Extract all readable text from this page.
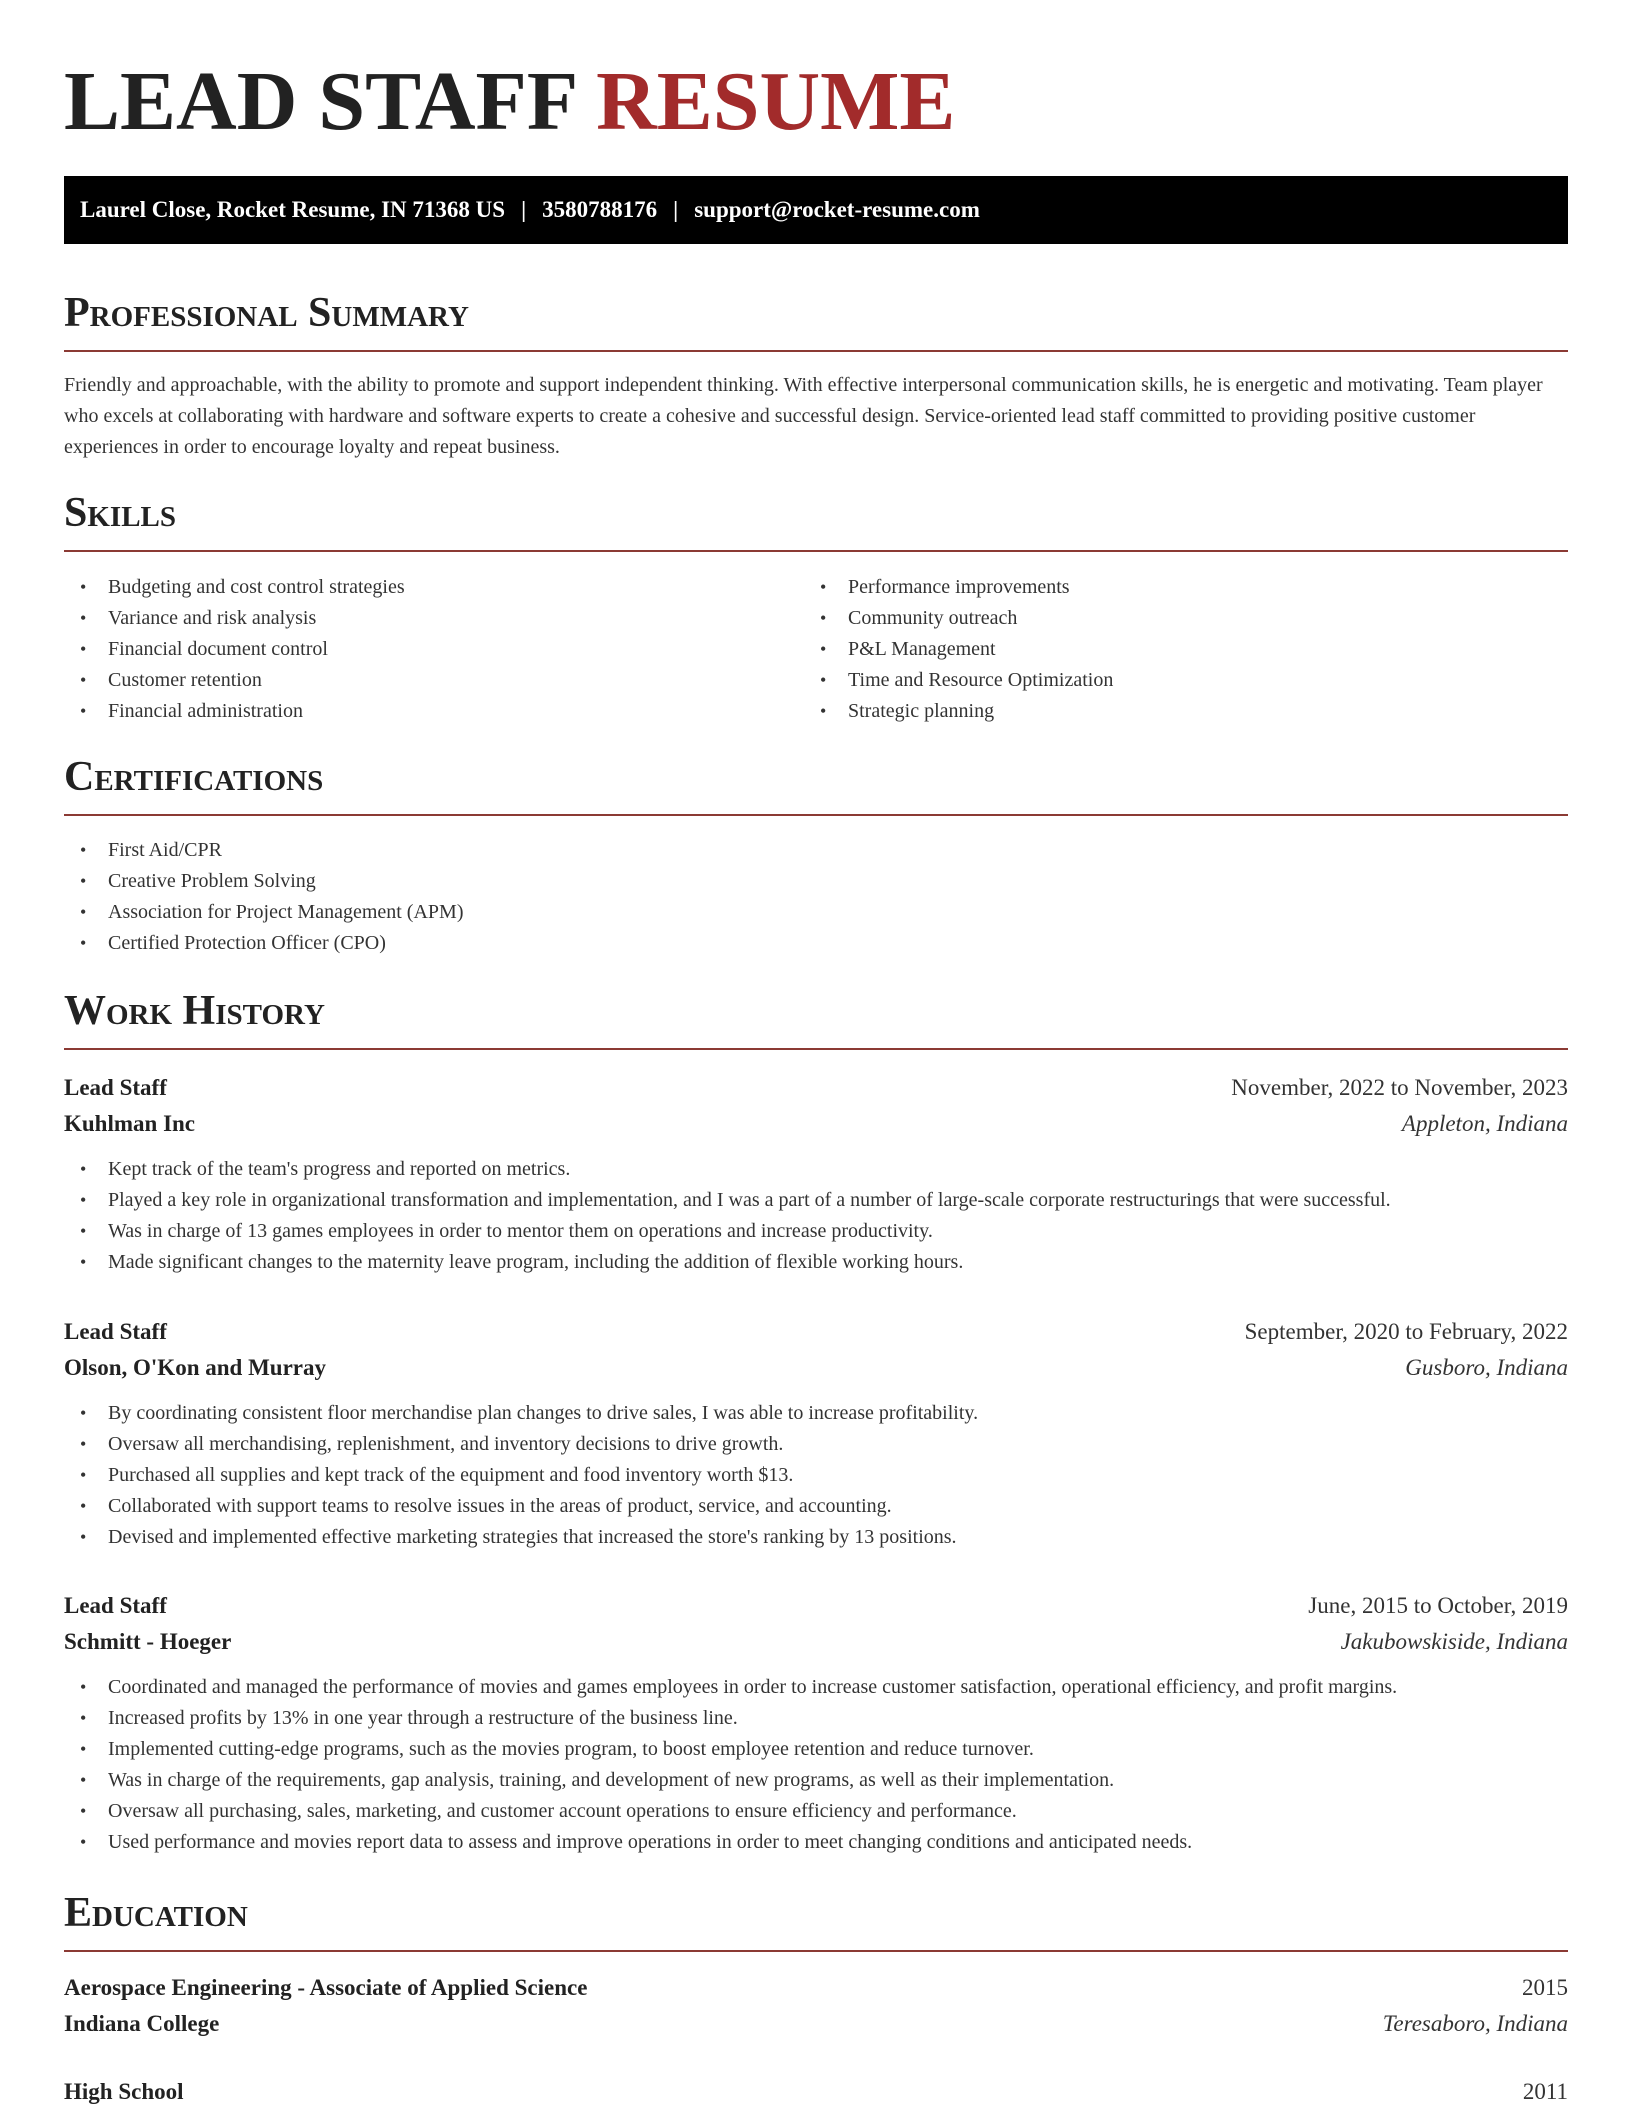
LEAD STAFF RESUME
Laurel Close, Rocket Resume, IN 71368 US | 3580788176 | support@rocket-resume.com
Professional Summary
Friendly and approachable, with the ability to promote and support independent thinking. With effective interpersonal communication skills, he is energetic and motivating. Team player who excels at collaborating with hardware and software experts to create a cohesive and successful design. Service-oriented lead staff committed to providing positive customer experiences in order to encourage loyalty and repeat business.
Skills
• Budgeting and cost control strategies
• Variance and risk analysis
• Financial document control
• Customer retention
• Financial administration
• Performance improvements
• Community outreach
• P&L Management
• Time and Resource Optimization
• Strategic planning
Certifications
• First Aid/CPR
• Creative Problem Solving
• Association for Project Management (APM)
• Certified Protection Officer (CPO)
Work History
Lead Staff	November, 2022 to November, 2023
Kuhlman Inc	Appleton, Indiana
• Kept track of the team's progress and reported on metrics.
• Played a key role in organizational transformation and implementation, and I was a part of a number of large-scale corporate restructurings that were successful.
• Was in charge of 13 games employees in order to mentor them on operations and increase productivity.
• Made significant changes to the maternity leave program, including the addition of flexible working hours.
Lead Staff	September, 2020 to February, 2022
Olson, O'Kon and Murray	Gusboro, Indiana
• By coordinating consistent floor merchandise plan changes to drive sales, I was able to increase profitability.
• Oversaw all merchandising, replenishment, and inventory decisions to drive growth.
• Purchased all supplies and kept track of the equipment and food inventory worth $13.
• Collaborated with support teams to resolve issues in the areas of product, service, and accounting.
• Devised and implemented effective marketing strategies that increased the store's ranking by 13 positions.
Lead Staff	June, 2015 to October, 2019
Schmitt - Hoeger	Jakubowskiside, Indiana
• Coordinated and managed the performance of movies and games employees in order to increase customer satisfaction, operational efficiency, and profit margins.
• Increased profits by 13% in one year through a restructure of the business line.
• Implemented cutting-edge programs, such as the movies program, to boost employee retention and reduce turnover.
• Was in charge of the requirements, gap analysis, training, and development of new programs, as well as their implementation.
• Oversaw all purchasing, sales, marketing, and customer account operations to ensure efficiency and performance.
• Used performance and movies report data to assess and improve operations in order to meet changing conditions and anticipated needs.
Education
Aerospace Engineering - Associate of Applied Science	2015
Indiana College	Teresaboro, Indiana
High School	2011
